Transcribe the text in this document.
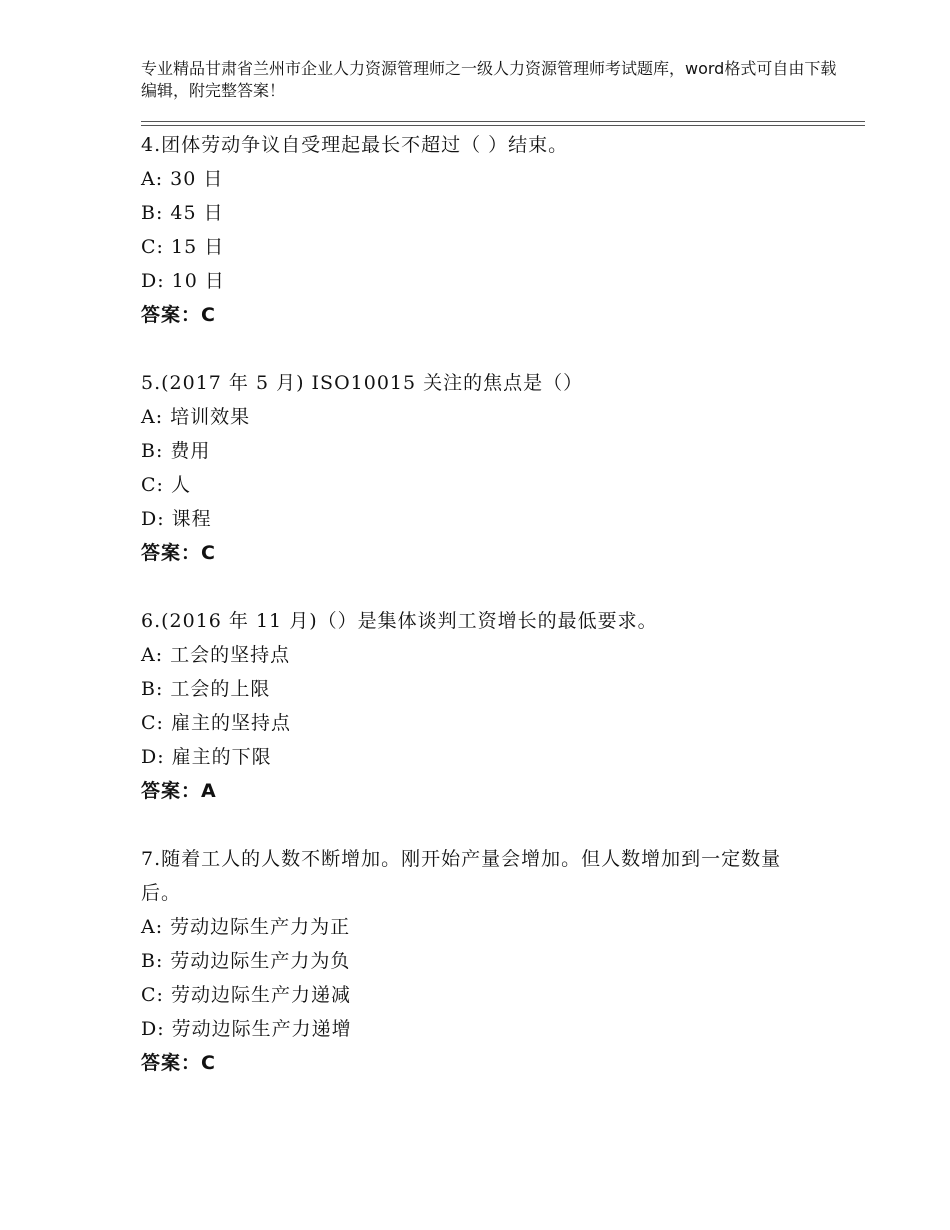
专业精品甘肃省兰州市企业人力资源管理师之一级人力资源管理师考试题库，word格式可自由下载编辑，附完整答案！
4.团体劳动争议自受理起最长不超过（ ）结束。
A: 30 日
B: 45 日
C: 15 日
D: 10 日
答案：C
5.(2017 年 5 月) ISO10015 关注的焦点是（）
A: 培训效果
B: 费用
C: 人
D: 课程
答案：C
6.(2016 年 11 月)（）是集体谈判工资增长的最低要求。
A: 工会的坚持点
B: 工会的上限
C: 雇主的坚持点
D: 雇主的下限
答案：A
7.随着工人的人数不断增加。刚开始产量会增加。但人数增加到一定数量后。
A: 劳动边际生产力为正
B: 劳动边际生产力为负
C: 劳动边际生产力递减
D: 劳动边际生产力递增
答案：C
